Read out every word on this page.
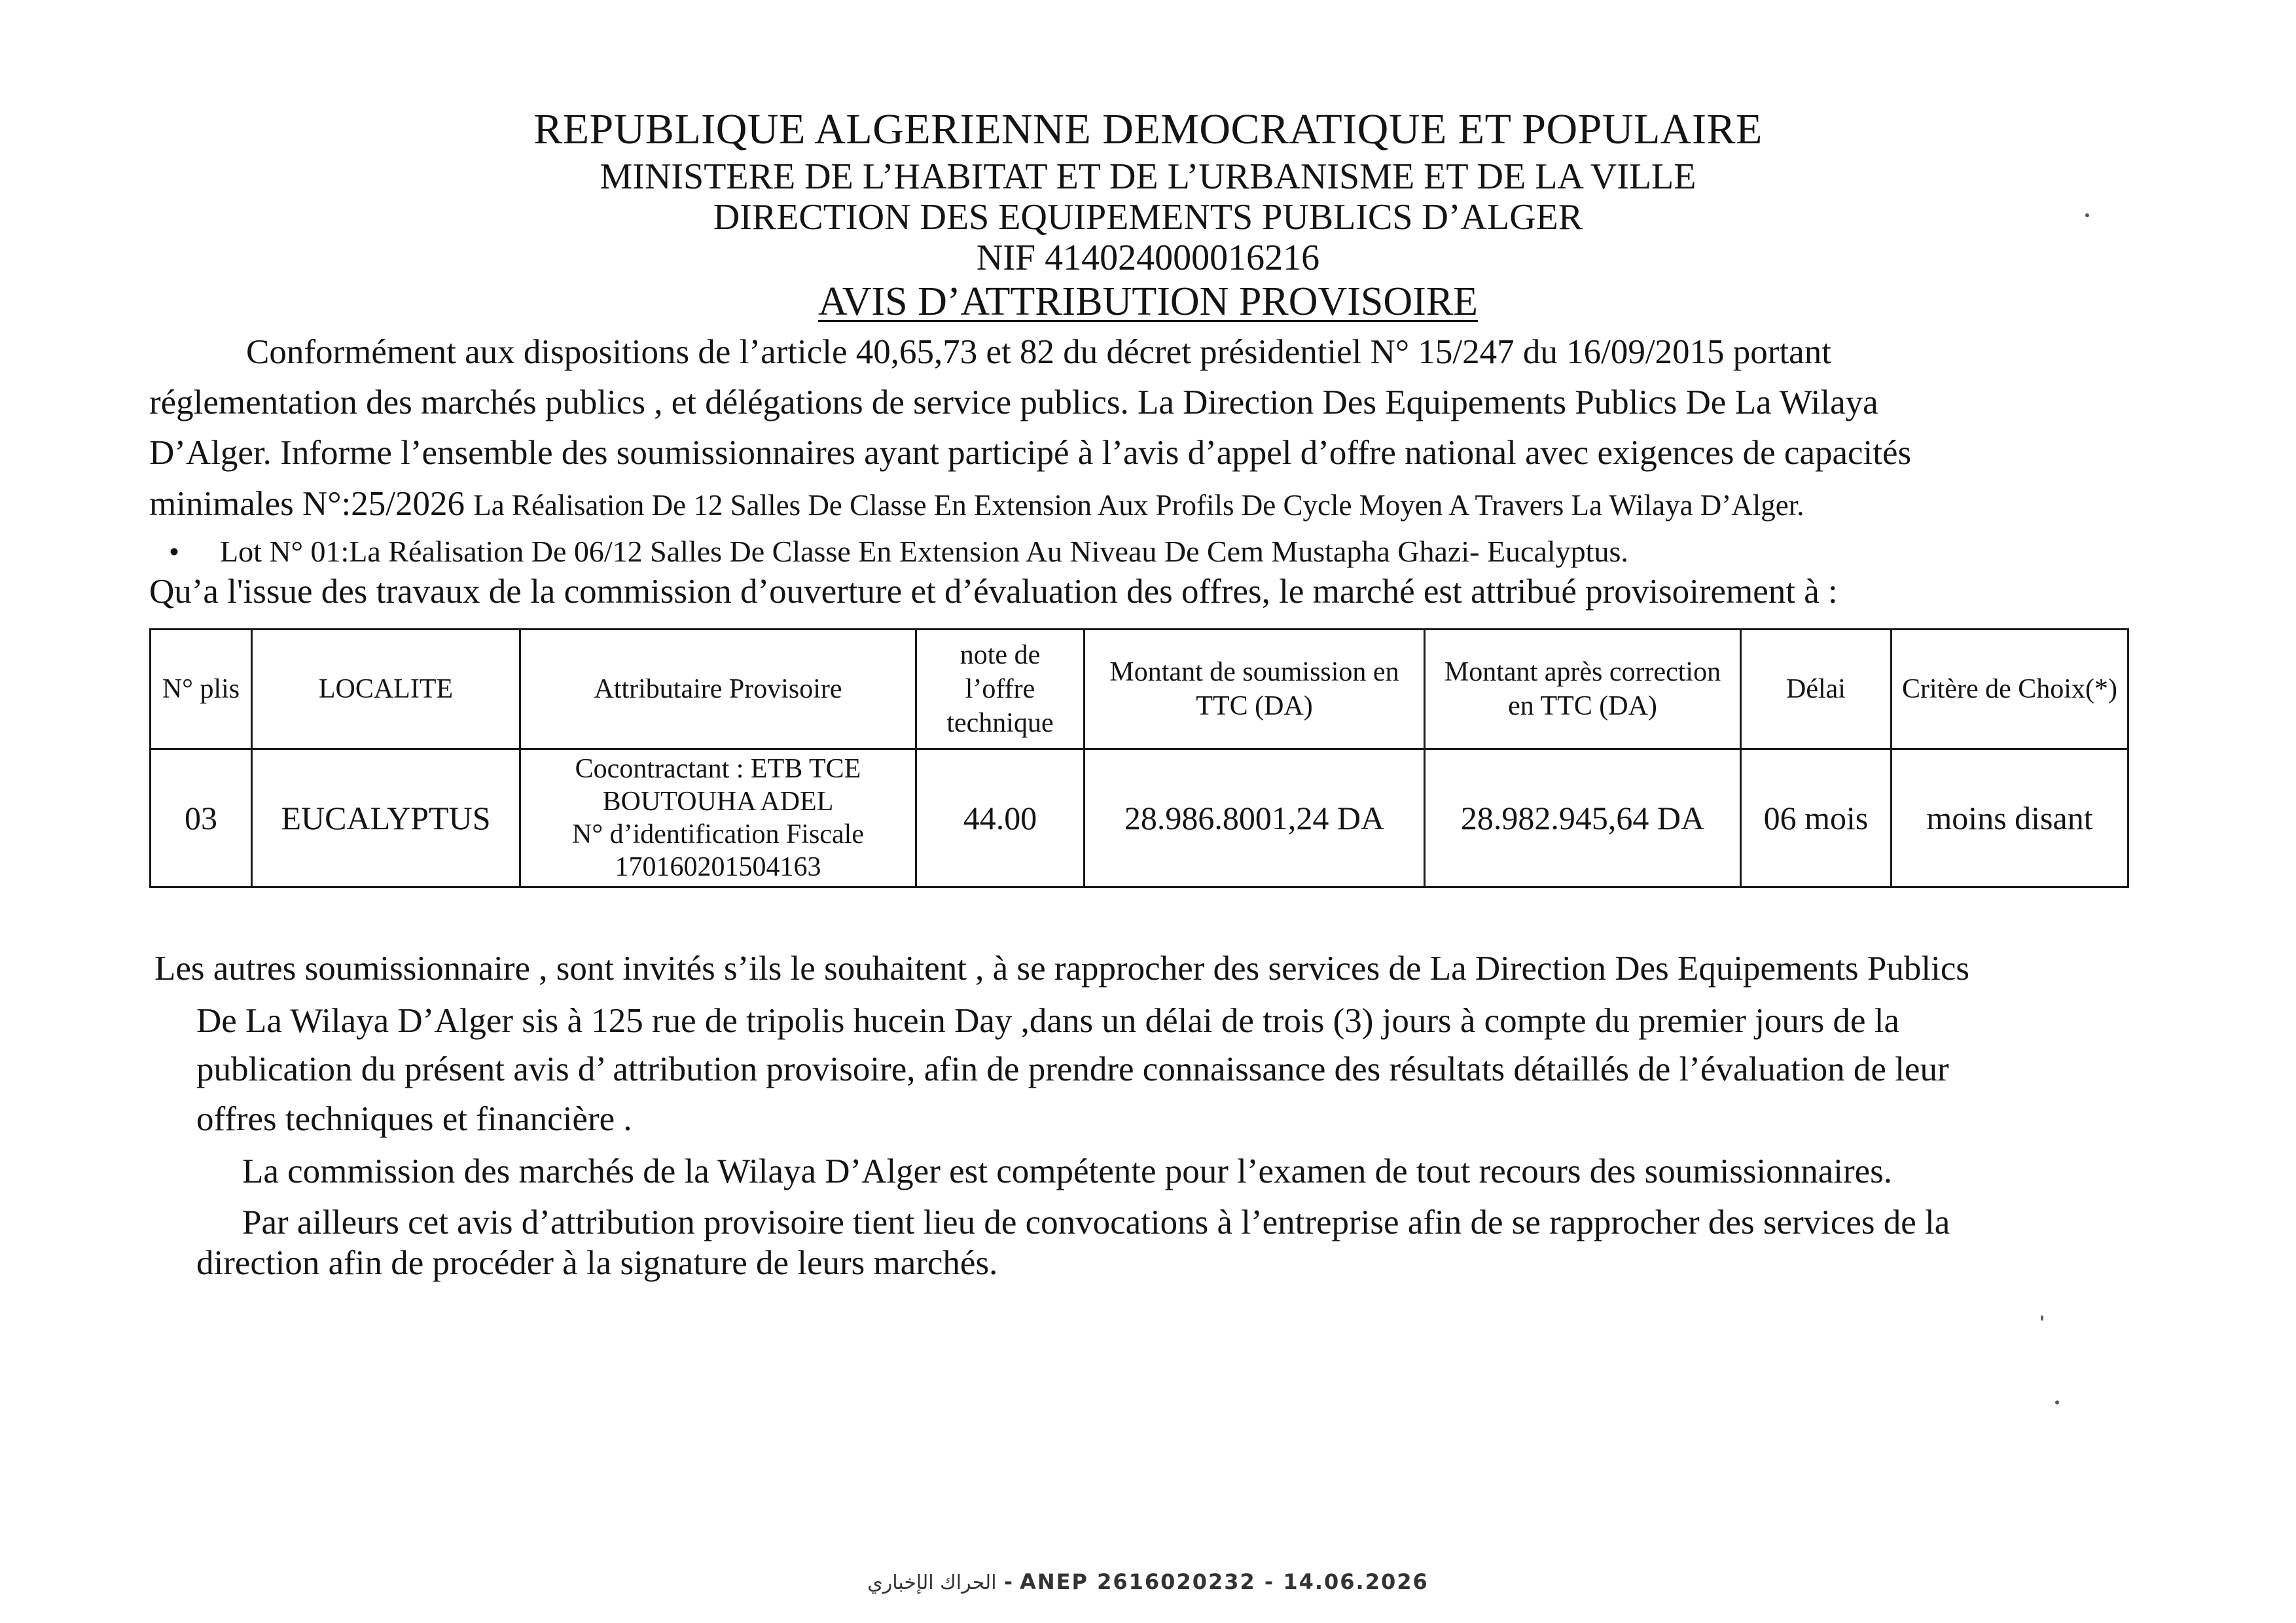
REPUBLIQUE ALGERIENNE DEMOCRATIQUE ET POPULAIRE
MINISTERE DE L’HABITAT ET DE L’URBANISME ET DE LA VILLE
DIRECTION DES EQUIPEMENTS PUBLICS D’ALGER
NIF 414024000016216
AVIS D’ATTRIBUTION PROVISOIRE
Conformément aux dispositions de l’article 40,65,73 et 82 du décret présidentiel N° 15/247 du 16/09/2015 portant
réglementation des marchés publics , et délégations de service publics. La Direction Des Equipements Publics De La Wilaya
D’Alger. Informe l’ensemble des soumissionnaires ayant participé à l’avis d’appel d’offre national avec exigences de capacités
minimales N°:25/2026 La Réalisation De 12 Salles De Classe En Extension Aux Profils De Cycle Moyen A Travers La Wilaya D’Alger.
• Lot N° 01:La Réalisation De 06/12 Salles De Classe En Extension Au Niveau De Cem Mustapha Ghazi- Eucalyptus.
Qu’a l'issue des travaux de la commission d’ouverture et d’évaluation des offres, le marché est attribué provisoirement à :
N° plis	LOCALITE	Attributaire Provisoire	note de l’offre technique	Montant de soumission en TTC (DA)	Montant après correction en TTC (DA)	Délai	Critère de Choix(*)
03	EUCALYPTUS	Cocontractant : ETB TCE
BOUTOUHA ADEL
N° d’identification Fiscale
170160201504163	44.00	28.986.8001,24 DA	28.982.945,64 DA	06 mois	moins disant
Les autres soumissionnaire , sont invités s’ils le souhaitent , à se rapprocher des services de La Direction Des Equipements Publics
De La Wilaya D’Alger sis à 125 rue de tripolis hucein Day ,dans un délai de trois (3) jours à compte du premier jours de la
publication du présent avis d’ attribution provisoire, afin de prendre connaissance des résultats détaillés de l’évaluation de leur
offres techniques et financière .
La commission des marchés de la Wilaya D’Alger est compétente pour l’examen de tout recours des soumissionnaires.
Par ailleurs cet avis d’attribution provisoire tient lieu de convocations à l’entreprise afin de se rapprocher des services de la
direction afin de procéder à la signature de leurs marchés.
الحراك الإخباري - ANEP 2616020232 - 14.06.2026
